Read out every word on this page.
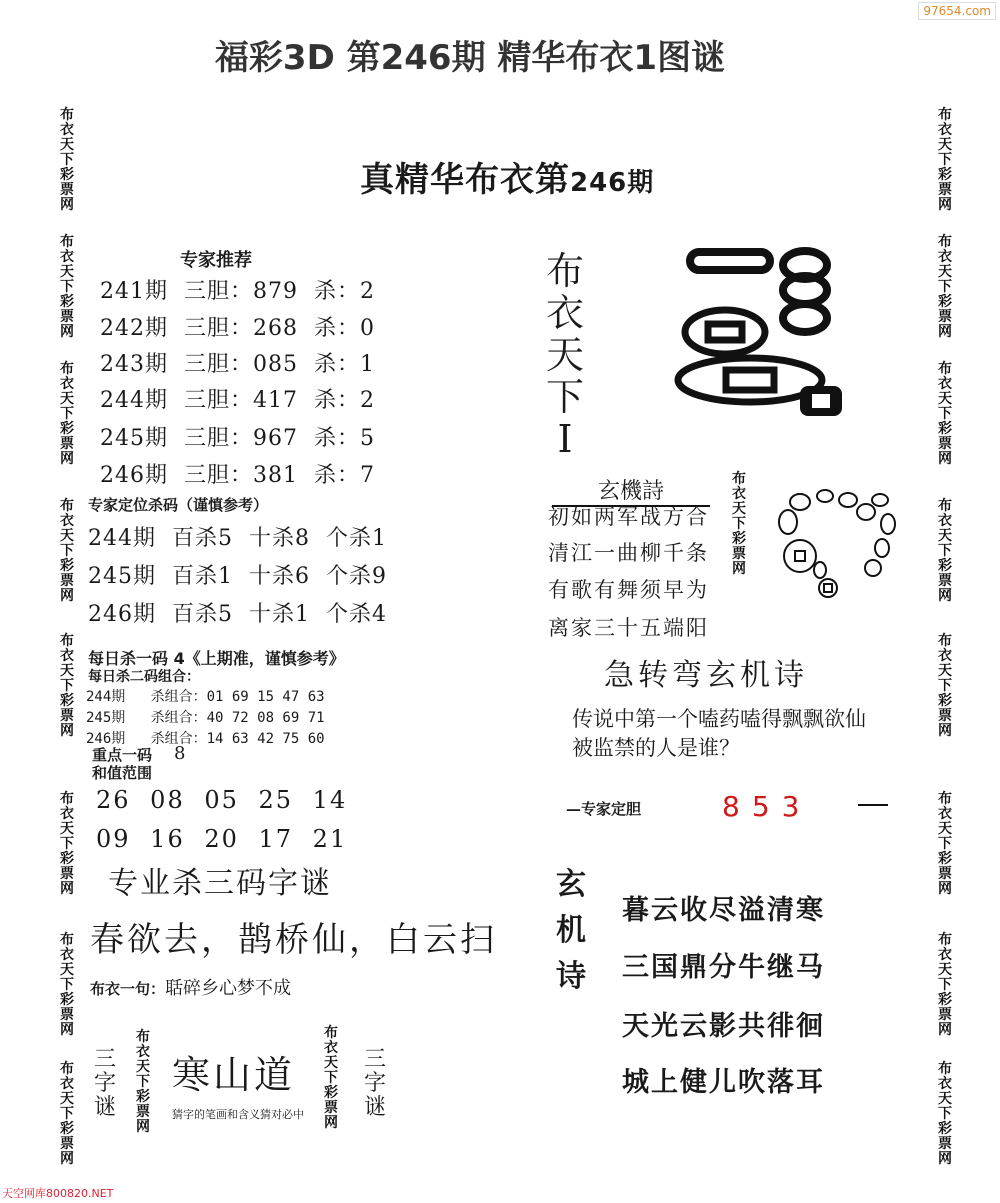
97654.com
福彩3D 第246期 精华布衣1图谜
布
衣
天
下
彩
票
网
布
衣
天
下
彩
票
网
布
衣
天
下
彩
票
网
布
衣
天
下
彩
票
网
布
衣
天
下
彩
票
网
布
衣
天
下
彩
票
网
布
衣
天
下
彩
票
网
布
衣
天
下
彩
票
网
布
衣
天
下
彩
票
网
布
衣
天
下
彩
票
网
布
衣
天
下
彩
票
网
布
衣
天
下
彩
票
网
布
衣
天
下
彩
票
网
布
衣
天
下
彩
票
网
布
衣
天
下
彩
票
网
布
衣
天
下
彩
票
网
真精华布衣第246期
专家推荐
241期  三胆：879  杀：2
242期  三胆：268  杀：0
243期  三胆：085  杀：1
244期  三胆：417  杀：2
245期  三胆：967  杀：5
246期  三胆：381  杀：7
专家定位杀码（谨慎参考）
244期  百杀5  十杀8  个杀1
245期  百杀1  十杀6  个杀9
246期  百杀5  十杀1  个杀4
每日杀一码 4《上期准，谨慎参考》
每日杀二码组合：
244期   杀组合：01 69 15 47 63
245期   杀组合：40 72 08 69 71
246期   杀组合：14 63 42 75 60
重点一码 8
和值范围
26 08 05 25 14
09 16 20 17 21
专业杀三码字谜
春欲去，鹊桥仙，白云扫
布衣一句：聒碎乡心梦不成
三
字
谜
布
衣
天
下
彩
票
网
寒山道
猜字的笔画和含义猜对必中
布
衣
天
下
彩
票
网
三
字
谜
布
衣
天
下
I
玄機詩
初如两军战方合
清江一曲柳千条
有歌有舞须早为
离家三十五端阳
布
衣
天
下
彩
票
网
急转弯玄机诗
传说中第一个嗑药嗑得飘飘欲仙
被监禁的人是谁？
—专家定胆	853
玄
机
诗
暮云收尽溢清寒
三国鼎分牛继马
天光云影共徘徊
城上健儿吹落耳
天空网库800820.NET
